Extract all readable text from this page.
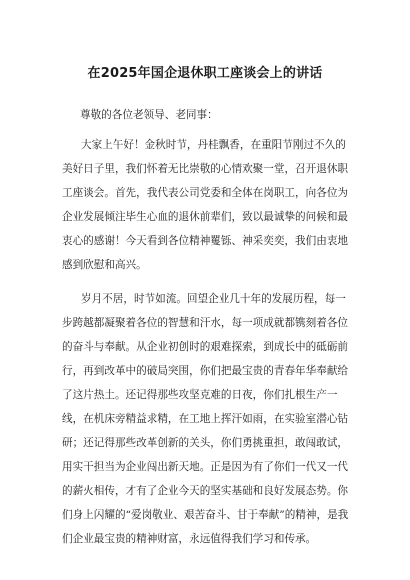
在2025年国企退休职工座谈会上的讲话
尊敬的各位老领导、老同事：
大家上午好！金秋时节，丹桂飘香，在重阳节刚过不久的
美好日子里，我们怀着无比崇敬的心情欢聚一堂，召开退休职
工座谈会。首先，我代表公司党委和全体在岗职工，向各位为
企业发展倾注毕生心血的退休前辈们，致以最诚挚的问候和最
衷心的感谢！今天看到各位精神矍铄、神采奕奕，我们由衷地
感到欣慰和高兴。
岁月不居，时节如流。回望企业几十年的发展历程，每一
步跨越都凝聚着各位的智慧和汗水，每一项成就都镌刻着各位
的奋斗与奉献。从企业初创时的艰难探索，到成长中的砥砺前
行，再到改革中的破局突围，你们把最宝贵的青春年华奉献给
了这片热土。还记得那些攻坚克难的日夜，你们扎根生产一
线，在机床旁精益求精，在工地上挥汗如雨，在实验室潜心钻
研；还记得那些改革创新的关头，你们勇挑重担，敢闯敢试，
用实干担当为企业闯出新天地。正是因为有了你们一代又一代
的薪火相传，才有了企业今天的坚实基础和良好发展态势。你
们身上闪耀的“爱岗敬业、艰苦奋斗、甘于奉献”的精神，是我
们企业最宝贵的精神财富，永远值得我们学习和传承。
